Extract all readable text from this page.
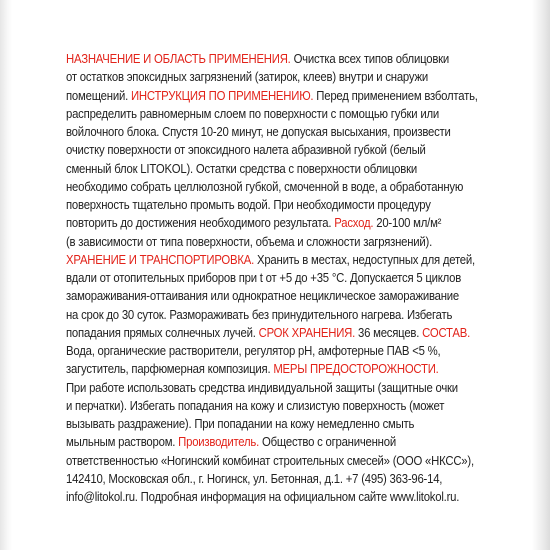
НАЗНАЧЕНИЕ И ОБЛАСТЬ ПРИМЕНЕНИЯ. Очистка всех типов облицовки
от остатков эпоксидных загрязнений (затирок, клеев) внутри и снаружи
помещений. ИНСТРУКЦИЯ ПО ПРИМЕНЕНИЮ. Перед применением взболтать,
распределить равномерным слоем по поверхности с помощью губки или
войлочного блока. Спустя 10-20 минут, не допуская высыхания, произвести
очистку поверхности от эпоксидного налета абразивной губкой (белый
сменный блок LITOKOL). Остатки средства с поверхности облицовки
необходимо собрать целлюлозной губкой, смоченной в воде, а обработанную
поверхность тщательно промыть водой. При необходимости процедуру
повторить до достижения необходимого результата. Расход. 20-100 мл/м²
(в зависимости от типа поверхности, объема и сложности загрязнений).
ХРАНЕНИЕ И ТРАНСПОРТИРОВКА. Хранить в местах, недоступных для детей,
вдали от отопительных приборов при t от +5 до +35 °С. Допускается 5 циклов
замораживания-оттаивания или однократное нециклическое замораживание
на срок до 30 суток. Размораживать без принудительного нагрева. Избегать
попадания прямых солнечных лучей. СРОК ХРАНЕНИЯ. 36 месяцев. СОСТАВ.
Вода, органические растворители, регулятор pH, амфотерные ПАВ <5 %,
загуститель, парфюмерная композиция. МЕРЫ ПРЕДОСТОРОЖНОСТИ.
При работе использовать средства индивидуальной защиты (защитные очки
и перчатки). Избегать попадания на кожу и слизистую поверхность (может
вызывать раздражение). При попадании на кожу немедленно смыть
мыльным раствором. Производитель. Общество с ограниченной
ответственностью «Ногинский комбинат строительных смесей» (ООО «НКСС»),
142410, Московская обл., г. Ногинск, ул. Бетонная, д.1. +7 (495) 363-96-14,
info@litokol.ru. Подробная информация на официальном сайте www.litokol.ru.
